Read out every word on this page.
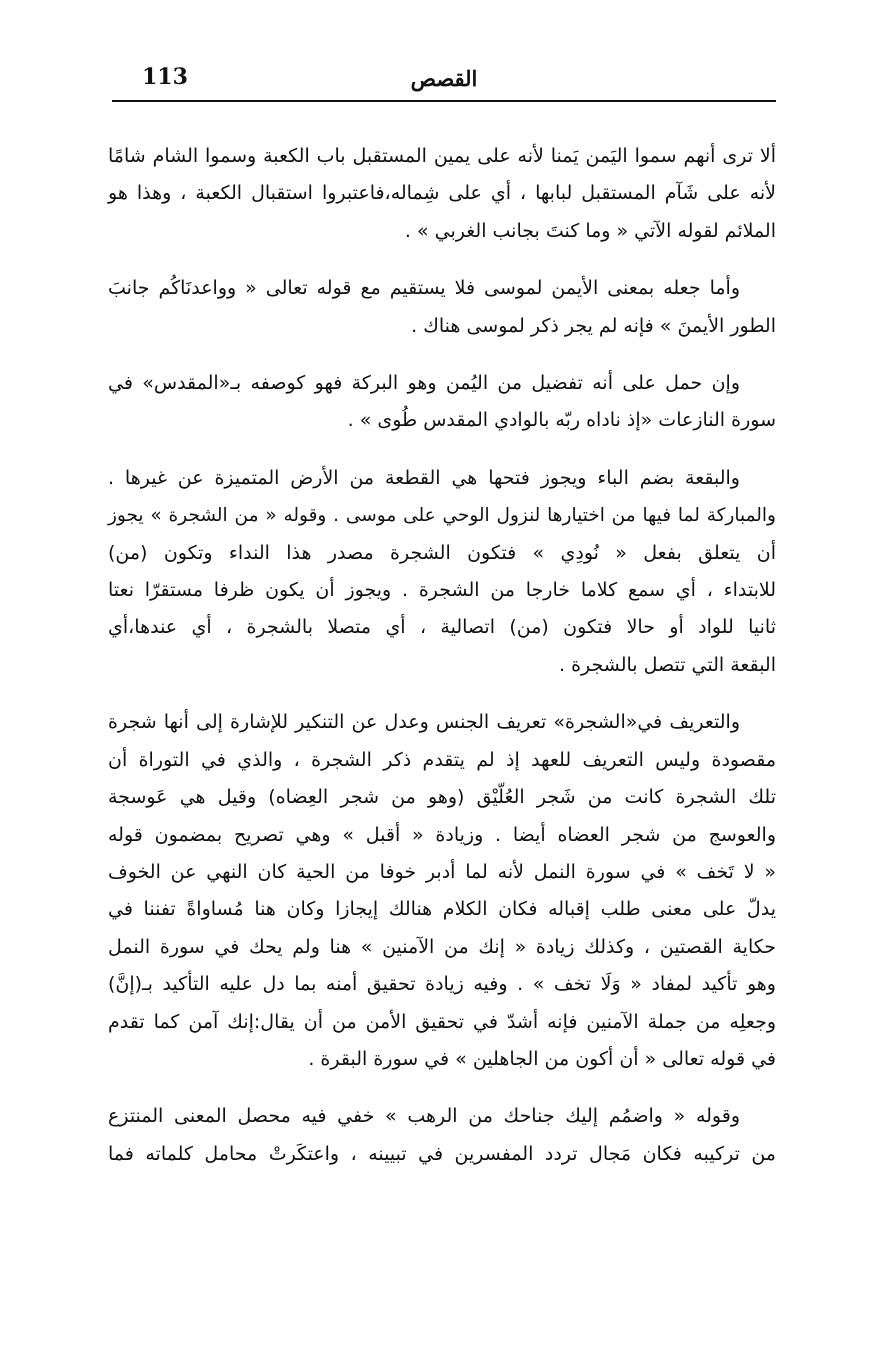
113	القصص

ألا ترى أنهم سموا اليَمن يَمنا لأنه على يمين المستقبل باب الكعبة وسموا الشام شامًا
لأنه على شَآم المستقبل لبابها ، أي على شِماله،فاعتبروا استقبال الكعبة ، وهذا هو
الملائم لقوله الآتي « وما كنتَ بجانب الغربي » .

وأما جعله بمعنى الأيمن لموسى فلا يستقيم مع قوله تعالى « وواعدنَاكُم جانبَ
الطور الأيمنَ » فإنه لم يجر ذكر لموسى هناك .

وإن حمل على أنه تفضيل من اليُمن وهو البركة فهو كوصفه بـ«المقدس» في
سورة النازعات «إذ ناداه ربّه بالوادي المقدس طُوى » .

والبقعة بضم الباء ويجوز فتحها هي القطعة من الأرض المتميزة عن غيرها .
والمباركة لما فيها من اختيارها لنزول الوحي على موسى . وقوله « من الشجرة » يجوز
أن يتعلق بفعل « نُودِي » فتكون الشجرة مصدر هذا النداء وتكون (من)
للابتداء ، أي سمع كلاما خارجا من الشجرة . ويجوز أن يكون ظرفا مستقرّا نعتا
ثانيا للواد أو حالا فتكون (من) اتصالية ، أي متصلا بالشجرة ، أي عندها،أي
البقعة التي تتصل بالشجرة .

والتعريف في«الشجرة» تعريف الجنس وعدل عن التنكير للإشارة إلى أنها شجرة
مقصودة وليس التعريف للعهد إذ لم يتقدم ذكر الشجرة ، والذي في التوراة أن
تلك الشجرة كانت من شَجر العُلّيْق (وهو من شجر العِضاه) وقيل هي عَوسجة
والعوسج من شجر العضاه أيضا . وزيادة « أقبل » وهي تصريح بمضمون قوله
« لا تَخف » في سورة النمل لأنه لما أدبر خوفا من الحية كان النهي عن الخوف
يدلّ على معنى طلب إقباله فكان الكلام هنالك إيجازا وكان هنا مُساواةً تفننا في
حكاية القصتين ، وكذلك زيادة « إنك من الآمنين » هنا ولم يحك في سورة النمل
وهو تأكيد لمفاد « وَلَا تخف » . وفيه زيادة تحقيق أمنه بما دل عليه التأكيد بـ(إنَّ)
وجعلِه من جملة الآمنين فإنه أشدّ في تحقيق الأمن من أن يقال:إنك آمن كما تقدم
في قوله تعالى « أن أكون من الجاهلين » في سورة البقرة .

وقوله « واضمُم إليك جناحك من الرهب » خفي فيه محصل المعنى المنتزع
من تركيبه فكان مَجال تردد المفسرين في تبيينه ، واعتكَرتْ محامل كلماته فما
